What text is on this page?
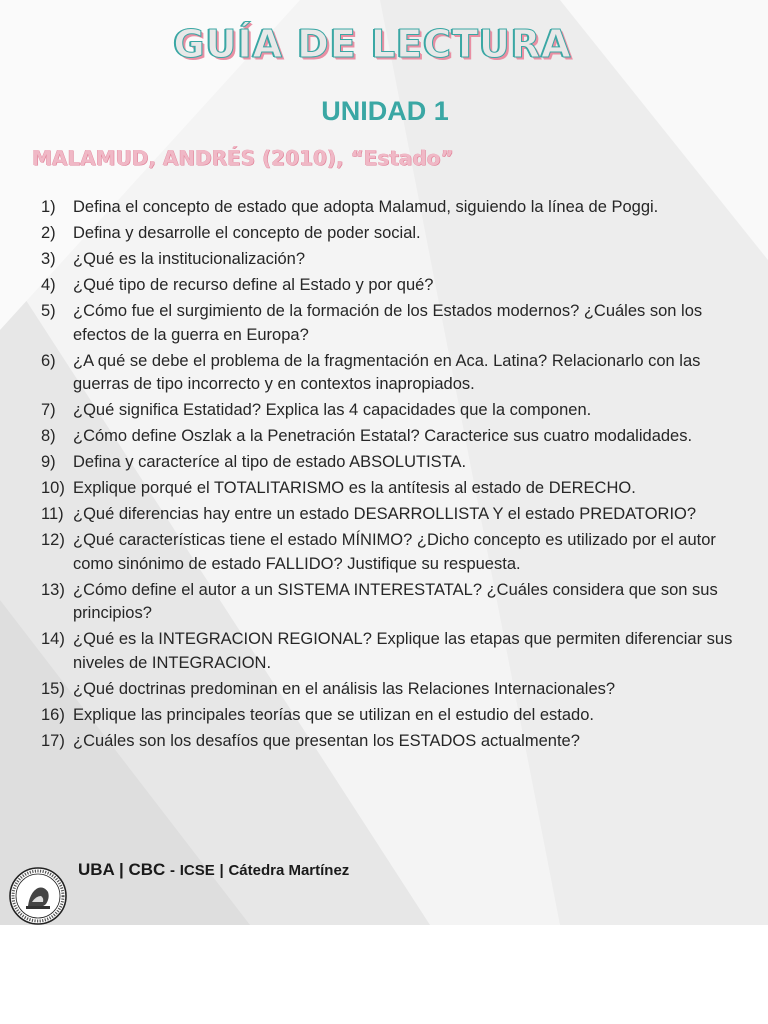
GUÍA DE LECTURA
UNIDAD 1
MALAMUD, ANDRÉS (2010), “Estado”
1) Defina el concepto de estado que adopta Malamud, siguiendo la línea de Poggi.
2) Defina y desarrolle el concepto de poder social.
3) ¿Qué es la institucionalización?
4) ¿Qué tipo de recurso define al Estado y por qué?
5) ¿Cómo fue el surgimiento de la formación de los Estados modernos? ¿Cuáles son los efectos de la guerra en Europa?
6) ¿A qué se debe el problema de la fragmentación en Aca. Latina? Relacionarlo con las guerras de tipo incorrecto y en contextos inapropiados.
7) ¿Qué significa Estatidad? Explica las 4 capacidades que la componen.
8) ¿Cómo define Oszlak a la Penetración Estatal? Caracterice sus cuatro modalidades.
9) Defina y caracteríce al tipo de estado ABSOLUTISTA.
10) Explique porqué el TOTALITARISMO es la antítesis al estado de DERECHO.
11) ¿Qué diferencias hay entre un estado DESARROLLISTA Y el estado PREDATORIO?
12) ¿Qué características tiene el estado MÍNIMO? ¿Dicho concepto es utilizado por el autor como sinónimo de estado FALLIDO? Justifique su respuesta.
13) ¿Cómo define el autor a un SISTEMA INTERESTATAL? ¿Cuáles considera que son sus principios?
14) ¿Qué es la INTEGRACION REGIONAL? Explique las etapas que permiten diferenciar sus niveles de INTEGRACION.
15) ¿Qué doctrinas predominan en el análisis las Relaciones Internacionales?
16) Explique las principales teorías que se utilizan en el estudio del estado.
17) ¿Cuáles son los desafíos que presentan los ESTADOS actualmente?
UBA | CBC - ICSE | Cátedra Martínez
